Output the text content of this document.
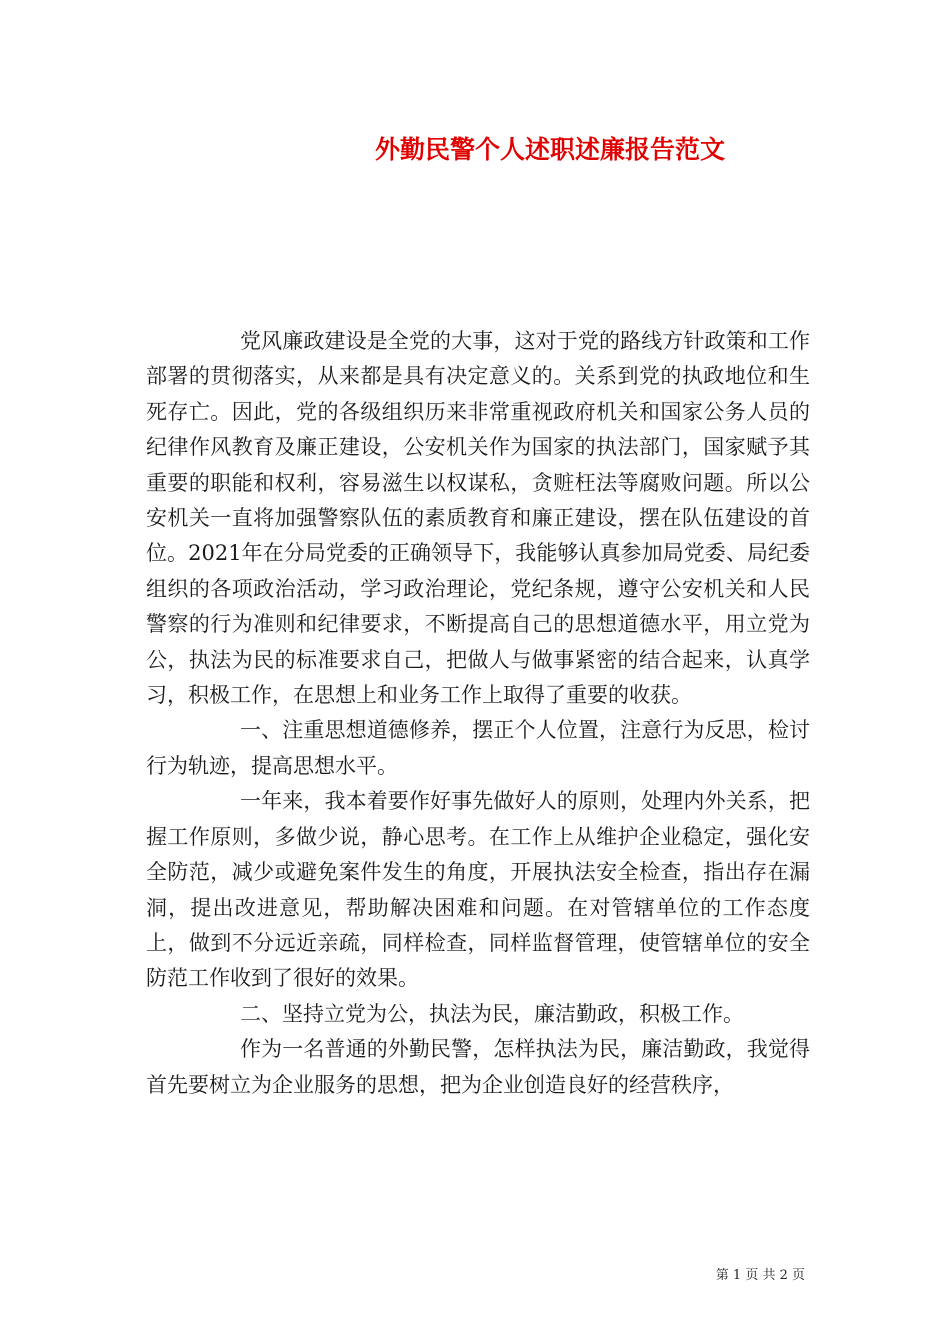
外勤民警个人述职述廉报告范文

党风廉政建设是全党的大事，这对于党的路线方针政策和工作部署的贯彻落实，从来都是具有决定意义的。关系到党的执政地位和生死存亡。因此，党的各级组织历来非常重视政府机关和国家公务人员的纪律作风教育及廉正建设，公安机关作为国家的执法部门，国家赋予其重要的职能和权利，容易滋生以权谋私，贪赃枉法等腐败问题。所以公安机关一直将加强警察队伍的素质教育和廉正建设，摆在队伍建设的首位。2021年在分局党委的正确领导下，我能够认真参加局党委、局纪委组织的各项政治活动，学习政治理论，党纪条规，遵守公安机关和人民警察的行为准则和纪律要求，不断提高自己的思想道德水平，用立党为公，执法为民的标准要求自己，把做人与做事紧密的结合起来，认真学习，积极工作，在思想上和业务工作上取得了重要的收获。

一、注重思想道德修养，摆正个人位置，注意行为反思，检讨行为轨迹，提高思想水平。

一年来，我本着要作好事先做好人的原则，处理内外关系，把握工作原则，多做少说，静心思考。在工作上从维护企业稳定，强化安全防范，减少或避免案件发生的角度，开展执法安全检查，指出存在漏洞，提出改进意见，帮助解决困难和问题。在对管辖单位的工作态度上，做到不分远近亲疏，同样检查，同样监督管理，使管辖单位的安全防范工作收到了很好的效果。

二、坚持立党为公，执法为民，廉洁勤政，积极工作。

作为一名普通的外勤民警，怎样执法为民，廉洁勤政，我觉得首先要树立为企业服务的思想，把为企业创造良好的经营秩序，

第 1 页 共 2 页
